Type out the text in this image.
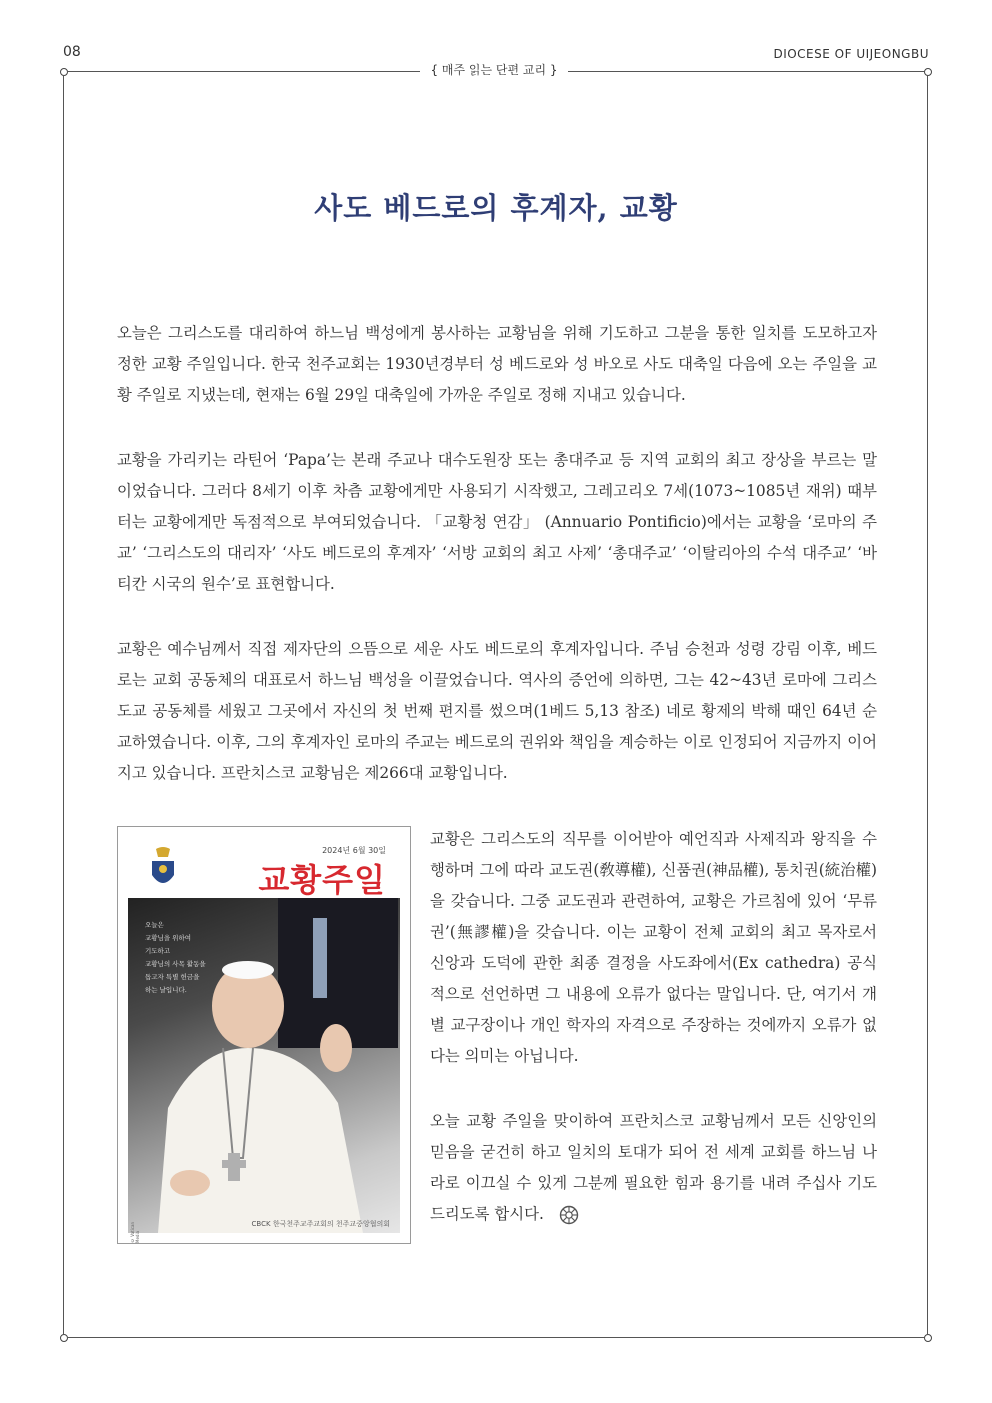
08	DIOCESE OF UIJEONGBU
{ 매주 읽는 단편 교리 }
사도 베드로의 후계자, 교황

오늘은 그리스도를 대리하여 하느님 백성에게 봉사하는 교황님을 위해 기도하고 그분을 통한 일치를 도모하고자 정한 교황 주일입니다. 한국 천주교회는 1930년경부터 성 베드로와 성 바오로 사도 대축일 다음에 오는 주일을 교황 주일로 지냈는데, 현재는 6월 29일 대축일에 가까운 주일로 정해 지내고 있습니다.

교황을 가리키는 라틴어 ‘Papa’는 본래 주교나 대수도원장 또는 총대주교 등 지역 교회의 최고 장상을 부르는 말이었습니다. 그러다 8세기 이후 차츰 교황에게만 사용되기 시작했고, 그레고리오 7세(1073~1085년 재위) 때부터는 교황에게만 독점적으로 부여되었습니다. 「교황청 연감」 (Annuario Pontificio)에서는 교황을 ‘로마의 주교’ ‘그리스도의 대리자’ ‘사도 베드로의 후계자’ ‘서방 교회의 최고 사제’ ‘총대주교’ ‘이탈리아의 수석 대주교’ ‘바티칸 시국의 원수’로 표현합니다.

교황은 예수님께서 직접 제자단의 으뜸으로 세운 사도 베드로의 후계자입니다. 주님 승천과 성령 강림 이후, 베드로는 교회 공동체의 대표로서 하느님 백성을 이끌었습니다. 역사의 증언에 의하면, 그는 42~43년 로마에 그리스도교 공동체를 세웠고 그곳에서 자신의 첫 번째 편지를 썼으며(1베드 5,13 참조) 네로 황제의 박해 때인 64년 순교하였습니다. 이후, 그의 후계자인 로마의 주교는 베드로의 권위와 책임을 계승하는 이로 인정되어 지금까지 이어지고 있습니다. 프란치스코 교황님은 제266대 교황입니다.

2024년 6월 30일
교황주일
오늘은
교황님을 위하여
기도하고
교황님의 사목 활동을
돕고자 특별 헌금을
하는 날입니다.
© Vatican Media
CBCK 한국천주교주교회의 천주교중앙협의회

교황은 그리스도의 직무를 이어받아 예언직과 사제직과 왕직을 수행하며 그에 따라 교도권(敎導權), 신품권(神品權), 통치권(統治權)을 갖습니다. 그중 교도권과 관련하여, 교황은 가르침에 있어 ‘무류권’(無謬權)을 갖습니다. 이는 교황이 전체 교회의 최고 목자로서 신앙과 도덕에 관한 최종 결정을 사도좌에서(Ex cathedra) 공식적으로 선언하면 그 내용에 오류가 없다는 말입니다. 단, 여기서 개별 교구장이나 개인 학자의 자격으로 주장하는 것에까지 오류가 없다는 의미는 아닙니다.

오늘 교황 주일을 맞이하여 프란치스코 교황님께서 모든 신앙인의 믿음을 굳건히 하고 일치의 토대가 되어 전 세계 교회를 하느님 나라로 이끄실 수 있게 그분께 필요한 힘과 용기를 내려 주십사 기도드리도록 합시다.
